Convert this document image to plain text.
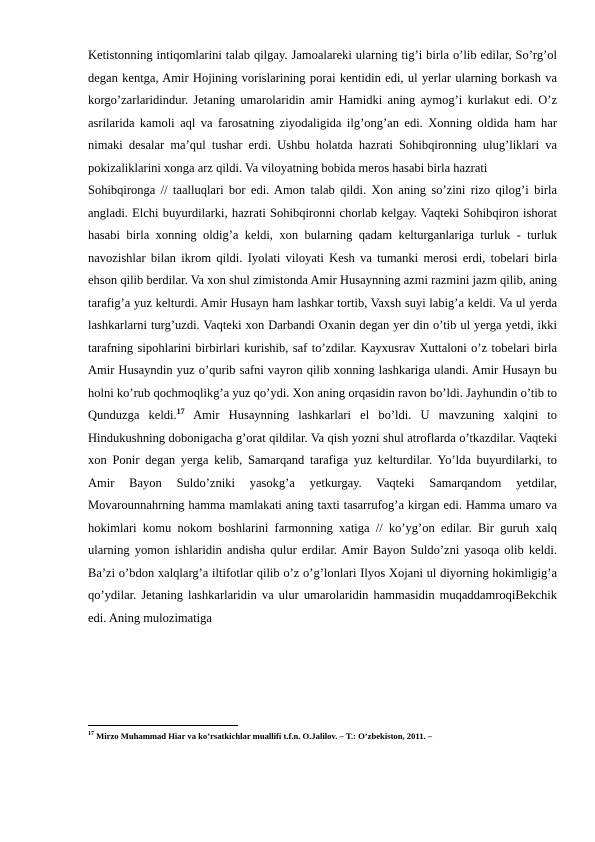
Ketistonning intiqomlarini talab qilgay. Jamoalareki ularning tig’i birla o’lib edilar, So’rg’ol degan kentga, Amir Hojining vorislarining porai kentidin edi, ul yerlar ularning borkash va korgo’zarlaridindur. Jetaning umarolaridin amir Hamidki aning aymog’i kurlakut edi. O’z asrilarida kamoli aql va farosatning ziyodaligida ilg’ong’an edi. Xonning oldida ham har nimaki desalar ma’qul tushar erdi. Ushbu holatda hazrati Sohibqironning ulug’liklari va pokizaliklarini xonga arz qildi. Va viloyatning bobida meros hasabi birla hazrati

Sohibqironga // taalluqlari bor edi. Amon talab qildi. Xon aning so’zini rizo qilog’i birla angladi. Elchi buyurdilarki, hazrati Sohibqironni chorlab kelgay. Vaqteki Sohibqiron ishorat hasabi birla xonning oldig’a keldi, xon bularning qadam kelturganlariga turluk - turluk navozishlar bilan ikrom qildi. Iyolati viloyati Kesh va tumanki merosi erdi, tobelari birla ehson qilib berdilar. Va xon shul zimistonda Amir Husaynning azmi razmini jazm qilib, aning tarafig’a yuz kelturdi. Amir Husayn ham lashkar tortib, Vaxsh suyi labig’a keldi. Va ul yerda lashkarlarni turg’uzdi. Vaqteki xon Darbandi Oxanin degan yer din o’tib ul yerga yetdi, ikki tarafning sipohlarini birbirlari kurishib, saf to’zdilar. Kayxusrav Xuttaloni o’z tobelari birla Amir Husayndin yuz o’qurib safni vayron qilib xonning lashkariga ulandi. Amir Husayn bu holni ko’rub qochmoqlikg’a yuz qo’ydi. Xon aning orqasidin ravon bo’ldi. Jayhundin o’tib to Qunduzga keldi.$^{17}$ Amir Husaynning lashkarlari el bo’ldi. U mavzuning xalqini to Hindukushning dobonigacha g’orat qildilar. Va qish yozni shul atroflarda o’tkazdilar. Vaqteki xon Ponir degan yerga kelib, Samarqand tarafiga yuz kelturdilar. Yo’lda buyurdilarki, to Amir Bayon Suldo’zniki yasokg’a yetkurgay. Vaqteki Samarqandom yetdilar, Movarounnahrning hamma mamlakati aning taxti tasarrufog’a kirgan edi. Hamma umaro va hokimlari komu nokom boshlarini farmonning xatiga // ko’yg’on edilar. Bir guruh xalq ularning yomon ishlaridin andisha qulur erdilar. Amir Bayon Suldo’zni yasoqa olib keldi. Ba’zi o’bdon xalqlarg’a iltifotlar qilib o’z o’g’lonlari Ilyos Xojani ul diyorning hokimligig’a qo’ydilar. Jetaning lashkarlaridin va ulur umarolaridin hammasidin muqaddamroqiBekchik edi. Aning mulozimatiga

$^{17}$ Mirzo Muhammad Hiar va ko’rsatkichlar muallifi t.f.n. O.Jalilov. – T.: O’zbekiston, 2011. –
